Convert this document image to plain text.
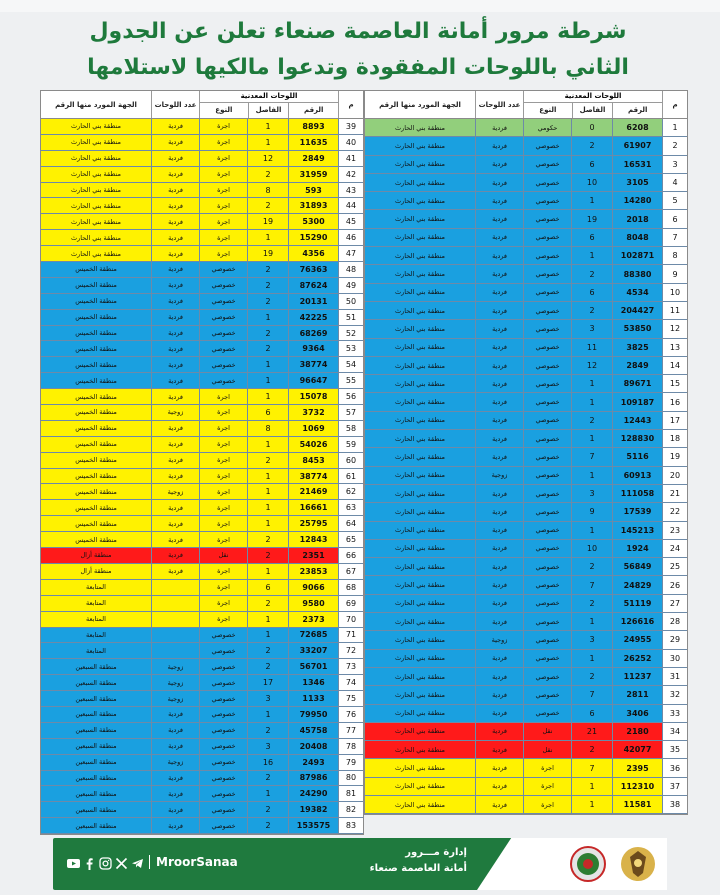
شرطة مرور أمانة العاصمة صنعاء تعلن عن الجدول
الثاني باللوحات المفقودة وتدعوا مالكيها لاستلامها
م
اللوحات المعدنية
الرقم
الفاصل
النوع
عدد اللوحات
الجهة المورد منها الرقم
1
6208
0
حكومي
فردية
منطقة بني الحارث
2
61907
2
خصوصي
فردية
منطقة بني الحارث
3
16531
6
خصوصي
فردية
منطقة بني الحارث
4
3105
10
خصوصي
فردية
منطقة بني الحارث
5
14280
1
خصوصي
فردية
منطقة بني الحارث
6
2018
19
خصوصي
فردية
منطقة بني الحارث
7
8048
6
خصوصي
فردية
منطقة بني الحارث
8
102871
1
خصوصي
فردية
منطقة بني الحارث
9
88380
2
خصوصي
فردية
منطقة بني الحارث
10
4534
6
خصوصي
فردية
منطقة بني الحارث
11
204427
2
خصوصي
فردية
منطقة بني الحارث
12
53850
3
خصوصي
فردية
منطقة بني الحارث
13
3825
11
خصوصي
فردية
منطقة بني الحارث
14
2849
12
خصوصي
فردية
منطقة بني الحارث
15
89671
1
خصوصي
فردية
منطقة بني الحارث
16
109187
1
خصوصي
فردية
منطقة بني الحارث
17
12443
2
خصوصي
فردية
منطقة بني الحارث
18
128830
1
خصوصي
فردية
منطقة بني الحارث
19
5116
7
خصوصي
فردية
منطقة بني الحارث
20
60913
1
خصوصي
زوجية
منطقة بني الحارث
21
111058
3
خصوصي
فردية
منطقة بني الحارث
22
17539
9
خصوصي
فردية
منطقة بني الحارث
23
145213
1
خصوصي
فردية
منطقة بني الحارث
24
1924
10
خصوصي
فردية
منطقة بني الحارث
25
56849
2
خصوصي
فردية
منطقة بني الحارث
26
24829
7
خصوصي
فردية
منطقة بني الحارث
27
51119
2
خصوصي
فردية
منطقة بني الحارث
28
126616
1
خصوصي
فردية
منطقة بني الحارث
29
24955
3
خصوصي
زوجية
منطقة بني الحارث
30
26252
1
خصوصي
فردية
منطقة بني الحارث
31
11237
2
خصوصي
فردية
منطقة بني الحارث
32
2811
7
خصوصي
فردية
منطقة بني الحارث
33
3406
6
خصوصي
فردية
منطقة بني الحارث
34
2180
21
نقل
فردية
منطقة بني الحارث
35
42077
2
نقل
فردية
منطقة بني الحارث
36
2395
7
اجرة
فردية
منطقة بني الحارث
37
112310
1
اجرة
فردية
منطقة بني الحارث
38
11581
1
اجرة
فردية
منطقة بني الحارث
م
اللوحات المعدنية
الرقم
الفاصل
النوع
عدد اللوحات
الجهة المورد منها الرقم
39
8893
1
اجرة
فردية
منطقة بني الحارث
40
11635
1
اجرة
فردية
منطقة بني الحارث
41
2849
12
اجرة
فردية
منطقة بني الحارث
42
31959
2
اجرة
فردية
منطقة بني الحارث
43
593
8
اجرة
فردية
منطقة بني الحارث
44
31893
2
اجرة
فردية
منطقة بني الحارث
45
5300
19
اجرة
فردية
منطقة بني الحارث
46
15290
1
اجرة
فردية
منطقة بني الحارث
47
4356
19
اجرة
فردية
منطقة بني الحارث
48
76363
2
خصوصي
فردية
منطقة الخميس
49
87624
2
خصوصي
فردية
منطقة الخميس
50
20131
2
خصوصي
فردية
منطقة الخميس
51
42225
1
خصوصي
فردية
منطقة الخميس
52
68269
2
خصوصي
فردية
منطقة الخميس
53
9364
2
خصوصي
فردية
منطقة الخميس
54
38774
1
خصوصي
فردية
منطقة الخميس
55
96647
1
خصوصي
فردية
منطقة الخميس
56
15078
1
اجرة
فردية
منطقة الخميس
57
3732
6
اجرة
زوجية
منطقة الخميس
58
1069
8
اجرة
فردية
منطقة الخميس
59
54026
1
اجرة
فردية
منطقة الخميس
60
8453
2
اجرة
فردية
منطقة الخميس
61
38774
1
اجرة
فردية
منطقة الخميس
62
21469
1
اجرة
زوجية
منطقة الخميس
63
16661
1
اجرة
فردية
منطقة الخميس
64
25795
1
اجرة
فردية
منطقة الخميس
65
12843
2
اجرة
فردية
منطقة الخميس
66
2351
2
نقل
فردية
منطقة أزال
67
23853
1
اجرة
فردية
منطقة أزال
68
9066
6
اجرة
المتابعة
69
9580
2
اجرة
المتابعة
70
2373
1
اجرة
المتابعة
71
72685
1
خصوصي
المتابعة
72
33207
2
خصوصي
المتابعة
73
56701
2
خصوصي
زوجية
منطقة السبعين
74
1346
17
خصوصي
زوجية
منطقة السبعين
75
1133
3
خصوصي
زوجية
منطقة السبعين
76
79950
1
خصوصي
فردية
منطقة السبعين
77
45758
2
خصوصي
فردية
منطقة السبعين
78
20408
3
خصوصي
فردية
منطقة السبعين
79
2493
16
خصوصي
زوجية
منطقة السبعين
80
87986
2
خصوصي
فردية
منطقة السبعين
81
24290
1
خصوصي
فردية
منطقة السبعين
82
19382
2
خصوصي
فردية
منطقة السبعين
83
153575
2
خصوصي
فردية
منطقة السبعين
إدارة مـــرور
أمانة العاصمة صنعاء
MroorSanaa
